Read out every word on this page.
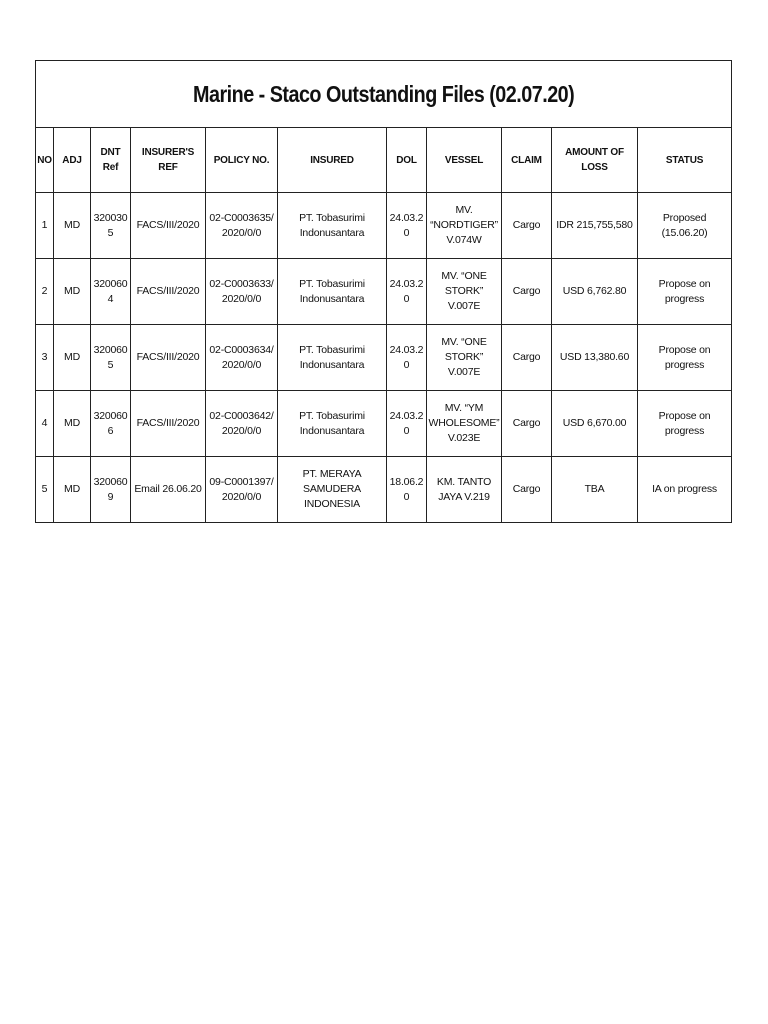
Marine - Staco Outstanding Files (02.07.20)										
NO	ADJ	DNT Ref	INSURER'S REF	POLICY NO.	INSURED	DOL	VESSEL	CLAIM	AMOUNT OF LOSS	STATUS
1	MD	3200305	FACS/III/2020	02-C0003635/2020/0/0	PT. Tobasurimi Indonusantara	24.03.20	MV. “NORDTIGER” V.074W	Cargo	IDR 215,755,580	Proposed (15.06.20)
2	MD	3200604	FACS/III/2020	02-C0003633/2020/0/0	PT. Tobasurimi Indonusantara	24.03.20	MV. “ONE STORK” V.007E	Cargo	USD 6,762.80	Propose on progress
3	MD	3200605	FACS/III/2020	02-C0003634/2020/0/0	PT. Tobasurimi Indonusantara	24.03.20	MV. “ONE STORK” V.007E	Cargo	USD 13,380.60	Propose on progress
4	MD	3200606	FACS/III/2020	02-C0003642/2020/0/0	PT. Tobasurimi Indonusantara	24.03.20	MV. “YM WHOLESOME” V.023E	Cargo	USD 6,670.00	Propose on progress
5	MD	3200609	Email 26.06.20	09-C0001397/2020/0/0	PT. MERAYA SAMUDERA INDONESIA	18.06.20	KM. TANTO JAYA V.219	Cargo	TBA	IA on progress
